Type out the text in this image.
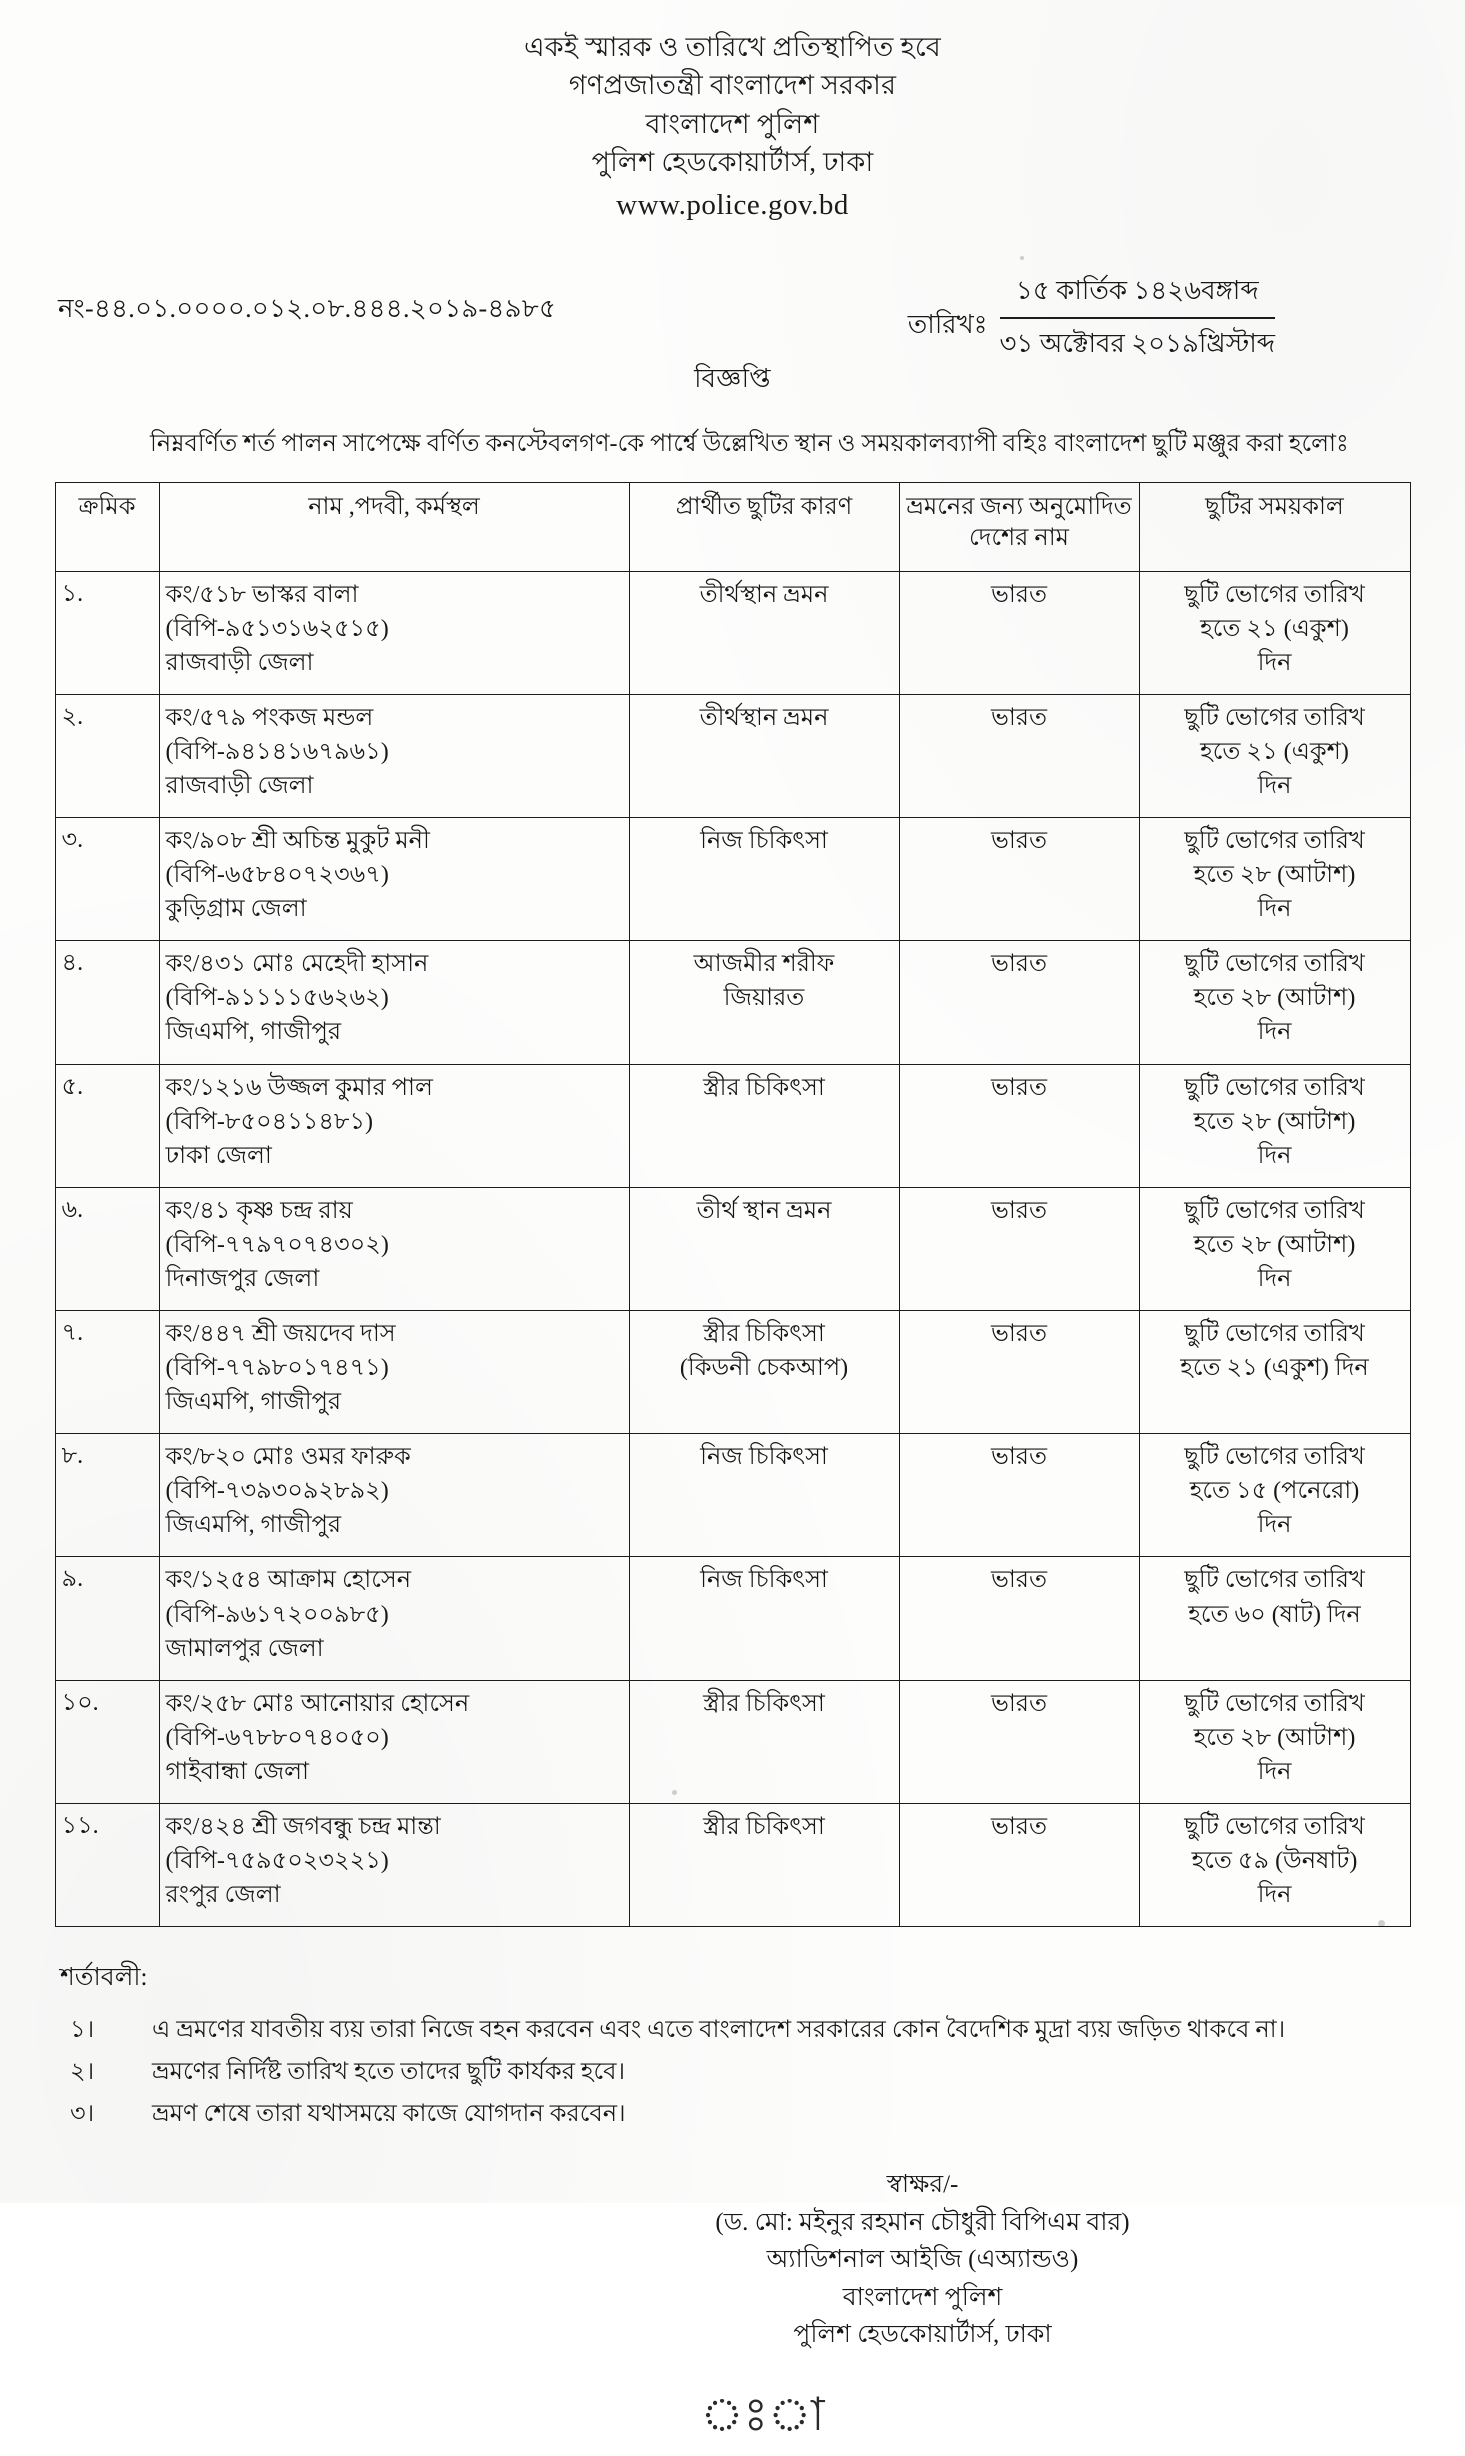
একই স্মারক ও তারিখে প্রতিস্থাপিত হবে
গণপ্রজাতন্ত্রী বাংলাদেশ সরকার
বাংলাদেশ পুলিশ
পুলিশ হেডকোয়ার্টার্স, ঢাকা
www.police.gov.bd
নং-৪৪.০১.০০০০.০১২.০৮.৪৪৪.২০১৯-৪৯৮৫
তারিখঃ $\frac{\text{১৫ কার্তিক ১৪২৬বঙ্গাব্দ}}{\text{৩১ অক্টোবর ২০১৯খ্রিস্টাব্দ}}$
বিজ্ঞপ্তি
নিম্নবর্ণিত শর্ত পালন সাপেক্ষে বর্ণিত কনস্টেবলগণ-কে পার্শ্বে উল্লেখিত স্থান ও সময়কালব্যাপী বহিঃ বাংলাদেশ ছুটি মঞ্জুর করা হলোঃ
ক্রমিক	নাম ,পদবী, কর্মস্থল	প্রার্থীত ছুটির কারণ	ভ্রমনের জন্য অনুমোদিত দেশের নাম	ছুটির সময়কাল
১.	কং/৫১৮ ভাস্কর বালা
(বিপি-৯৫১৩১৬২৫১৫)
রাজবাড়ী জেলা	তীর্থস্থান ভ্রমন	ভারত	ছুটি ভোগের তারিখ
হতে ২১ (একুশ)
দিন

২.	কং/৫৭৯ পংকজ মন্ডল
(বিপি-৯৪১৪১৬৭৯৬১)
রাজবাড়ী জেলা	তীর্থস্থান ভ্রমন	ভারত	ছুটি ভোগের তারিখ
হতে ২১ (একুশ)
দিন

৩.	কং/৯০৮ শ্রী অচিন্ত মুকুট মনী
(বিপি-৬৫৮৪০৭২৩৬৭)
কুড়িগ্রাম জেলা	নিজ চিকিৎসা	ভারত	ছুটি ভোগের তারিখ
হতে ২৮ (আটাশ)
দিন

৪.	কং/৪৩১ মোঃ মেহেদী হাসান
(বিপি-৯১১১১৫৬২৬২)
জিএমপি, গাজীপুর	আজমীর শরীফ
জিয়ারত	ভারত	ছুটি ভোগের তারিখ
হতে ২৮ (আটাশ)
দিন

৫.	কং/১২১৬ উজ্জল কুমার পাল
(বিপি-৮৫০৪১১৪৮১)
ঢাকা জেলা	স্ত্রীর চিকিৎসা	ভারত	ছুটি ভোগের তারিখ
হতে ২৮ (আটাশ)
দিন

৬.	কং/৪১ কৃষ্ণ চন্দ্র রায়
(বিপি-৭৭৯৭০৭৪৩০২)
দিনাজপুর জেলা	তীর্থ স্থান ভ্রমন	ভারত	ছুটি ভোগের তারিখ
হতে ২৮ (আটাশ)
দিন

৭.	কং/৪৪৭ শ্রী জয়দেব দাস
(বিপি-৭৭৯৮০১৭৪৭১)
জিএমপি, গাজীপুর	স্ত্রীর চিকিৎসা
(কিডনী চেকআপ)	ভারত	ছুটি ভোগের তারিখ
হতে ২১ (একুশ) দিন

৮.	কং/৮২০ মোঃ ওমর ফারুক
(বিপি-৭৩৯৩০৯২৮৯২)
জিএমপি, গাজীপুর	নিজ চিকিৎসা	ভারত	ছুটি ভোগের তারিখ
হতে ১৫ (পনেরো)
দিন

৯.	কং/১২৫৪ আক্রাম হোসেন
(বিপি-৯৬১৭২০০৯৮৫)
জামালপুর জেলা	নিজ চিকিৎসা	ভারত	ছুটি ভোগের তারিখ
হতে ৬০ (ষাট) দিন

১০.	কং/২৫৮ মোঃ আনোয়ার হোসেন
(বিপি-৬৭৮৮০৭৪০৫০)
গাইবান্ধা জেলা	স্ত্রীর চিকিৎসা	ভারত	ছুটি ভোগের তারিখ
হতে ২৮ (আটাশ)
দিন

১১.	কং/৪২৪ শ্রী জগবন্ধু চন্দ্র মান্তা
(বিপি-৭৫৯৫০২৩২২১)
রংপুর জেলা	স্ত্রীর চিকিৎসা	ভারত	ছুটি ভোগের তারিখ
হতে ৫৯ (উনষাট)
দিন
শর্তাবলী:
১।	এ ভ্রমণের যাবতীয় ব্যয় তারা নিজে বহন করবেন এবং এতে বাংলাদেশ সরকারের কোন বৈদেশিক মুদ্রা ব্যয় জড়িত থাকবে না।
২।	ভ্রমণের নির্দিষ্ট তারিখ হতে তাদের ছুটি কার্যকর হবে।
৩।	ভ্রমণ শেষে তারা যথাসময়ে কাজে যোগদান করবেন।
স্বাক্ষর/-
(ড. মো: মইনুর রহমান চৌধুরী বিপিএম বার)
অ্যাডিশনাল আইজি (এঅ্যান্ডও)
বাংলাদেশ পুলিশ
পুলিশ হেডকোয়ার্টার্স, ঢাকা
ঃা
